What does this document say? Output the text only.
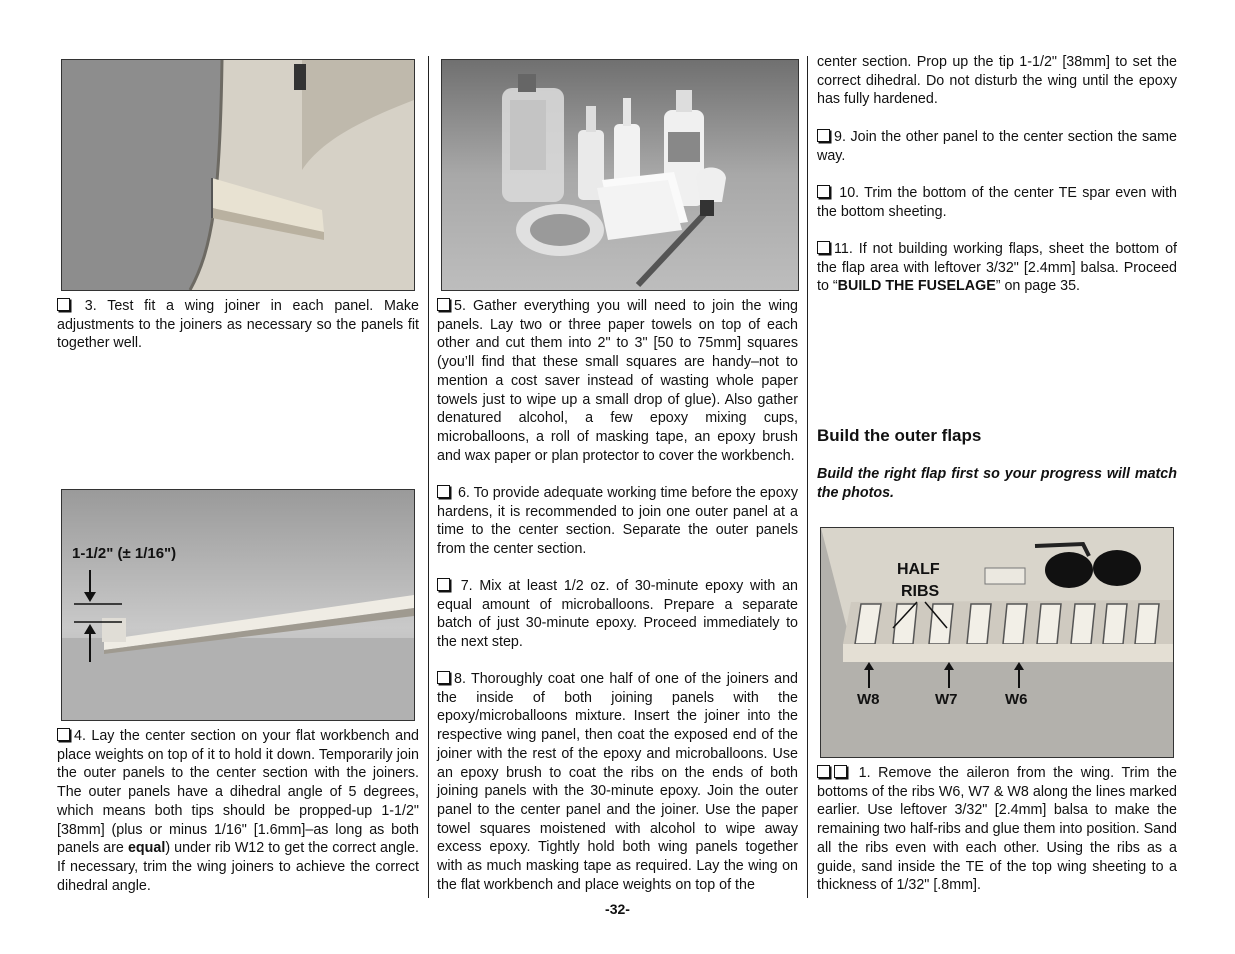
3. Test fit a wing joiner in each panel. Make adjustments to the joiners as necessary so the panels fit together well.

1-1/2" (± 1/16")

4. Lay the center section on your flat workbench and place weights on top of it to hold it down. Temporarily join the outer panels to the center section with the joiners. The outer panels have a dihedral angle of 5 degrees, which means both tips should be propped-up 1-1/2" [38mm] (plus or minus 1/16" [1.6mm]–as long as both panels are equal) under rib W12 to get the correct angle. If necessary, trim the wing joiners to achieve the correct dihedral angle.

5. Gather everything you will need to join the wing panels. Lay two or three paper towels on top of each other and cut them into 2" to 3" [50 to 75mm] squares (you’ll find that these small squares are handy–not to mention a cost saver instead of wasting whole paper towels just to wipe up a small drop of glue). Also gather denatured alcohol, a few epoxy mixing cups, microballoons, a roll of masking tape, an epoxy brush and wax paper or plan protector to cover the workbench.

6. To provide adequate working time before the epoxy hardens, it is recommended to join one outer panel at a time to the center section. Separate the outer panels from the center section.

7. Mix at least 1/2 oz. of 30-minute epoxy with an equal amount of microballoons. Prepare a separate batch of just 30-minute epoxy. Proceed immediately to the next step.

8. Thoroughly coat one half of one of the joiners and the inside of both joining panels with the epoxy/microballoons mixture. Insert the joiner into the respective wing panel, then coat the exposed end of the joiner with the rest of the epoxy and microballoons. Use an epoxy brush to coat the ribs on the ends of both joining panels with the 30-minute epoxy. Join the outer panel to the center panel and the joiner. Use the paper towel squares moistened with alcohol to wipe away excess epoxy. Tightly hold both wing panels together with as much masking tape as required. Lay the wing on the flat workbench and place weights on top of the

center section. Prop up the tip 1-1/2" [38mm] to set the correct dihedral. Do not disturb the wing until the epoxy has fully hardened.

9. Join the other panel to the center section the same way.

10. Trim the bottom of the center TE spar even with the bottom sheeting.

11. If not building working flaps, sheet the bottom of the flap area with leftover 3/32" [2.4mm] balsa. Proceed to “BUILD THE FUSELAGE” on page 35.

Build the outer flaps

Build the right flap first so your progress will match the photos.

HALF
RIBS
W8	W7	W6

1. Remove the aileron from the wing. Trim the bottoms of the ribs W6, W7 & W8 along the lines marked earlier. Use leftover 3/32" [2.4mm] balsa to make the remaining two half-ribs and glue them into position. Sand all the ribs even with each other. Using the ribs as a guide, sand inside the TE of the top wing sheeting to a thickness of 1/32" [.8mm].

-32-
